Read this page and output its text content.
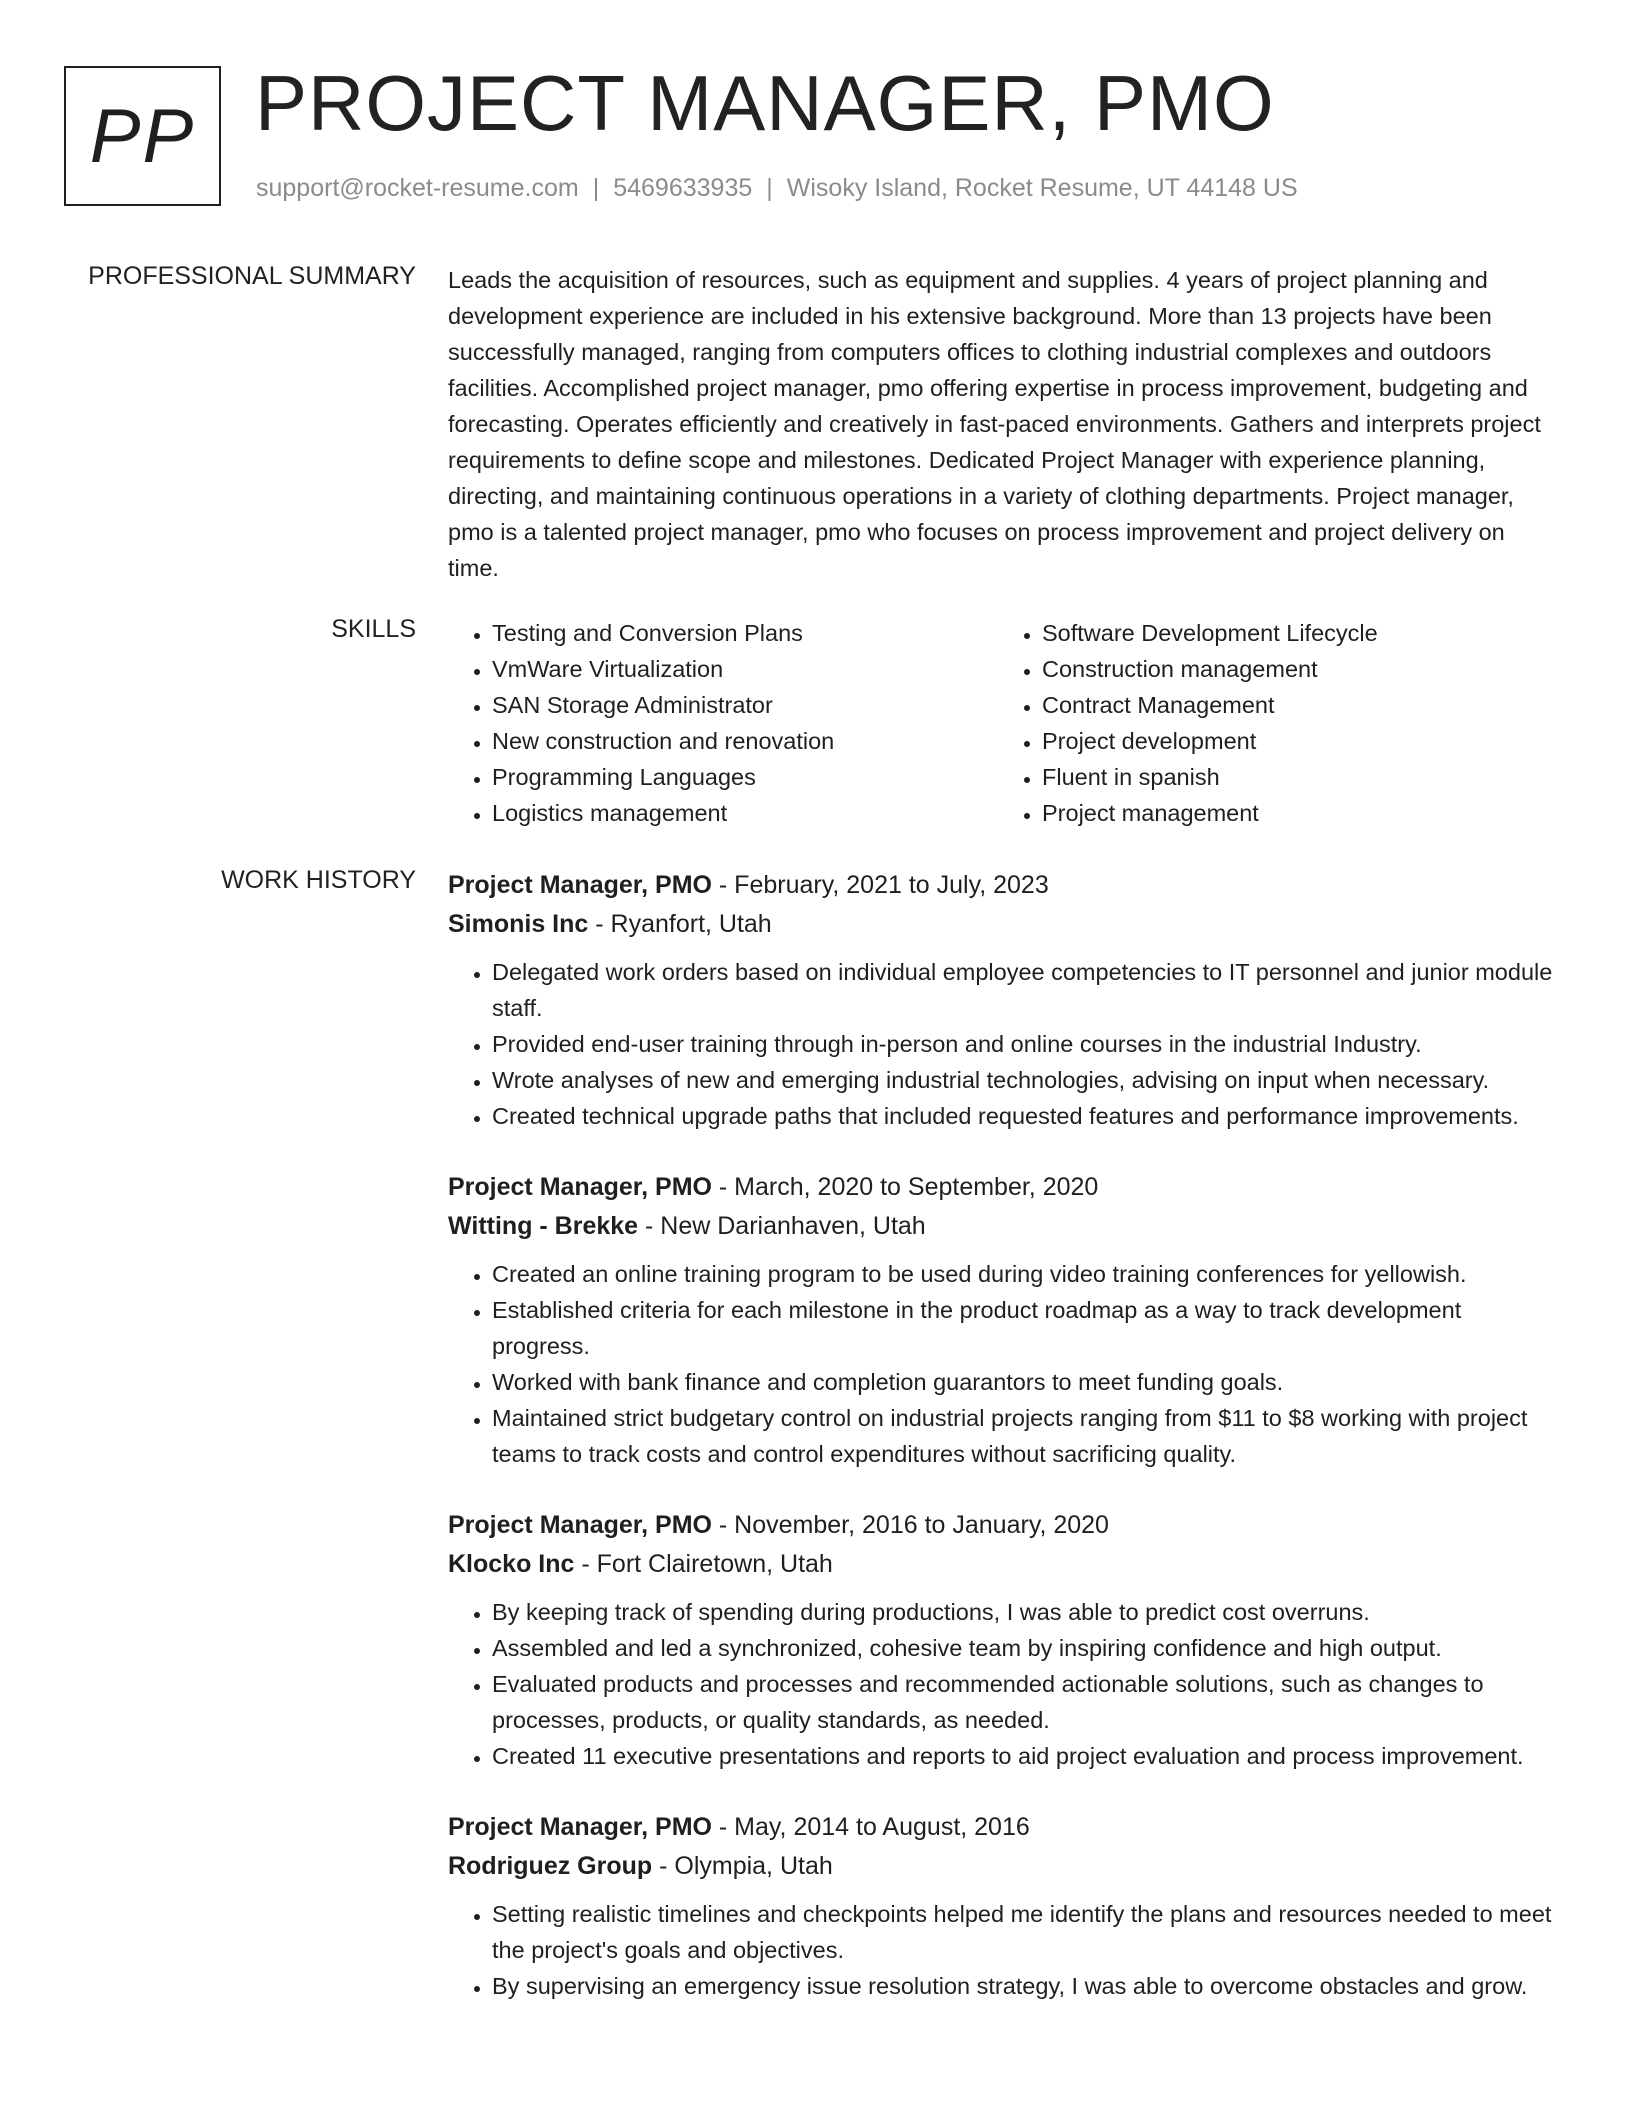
PP PROJECT MANAGER, PMO
support@rocket-resume.com | 5469633935 | Wisoky Island, Rocket Resume, UT 44148 US
PROFESSIONAL SUMMARY Leads the acquisition of resources, such as equipment and supplies. 4 years of project planning and development experience are included in his extensive background. More than 13 projects have been successfully managed, ranging from computers offices to clothing industrial complexes and outdoors facilities. Accomplished project manager, pmo offering expertise in process improvement, budgeting and forecasting. Operates efficiently and creatively in fast-paced environments. Gathers and interprets project requirements to define scope and milestones. Dedicated Project Manager with experience planning, directing, and maintaining continuous operations in a variety of clothing departments. Project manager, pmo is a talented project manager, pmo who focuses on process improvement and project delivery on time.

SKILLS
•	Testing and Conversion Plans
• VmWare Virtualization
• SAN Storage Administrator
• New construction and renovation
• Programming Languages
• Logistics management
• Software Development Lifecycle
• Construction management
• Contract Management
• Project development
• Fluent in spanish
• Project management
WORK HISTORY Project Manager, PMO - February, 2021 to July, 2023
Simonis Inc - Ryanfort, Utah
• Delegated work orders based on individual employee competencies to IT personnel and junior module staff.
• Provided end-user training through in-person and online courses in the industrial Industry.
• Wrote analyses of new and emerging industrial technologies, advising on input when necessary.
• Created technical upgrade paths that included requested features and performance improvements.
Project Manager, PMO - March, 2020 to September, 2020
Witting - Brekke - New Darianhaven, Utah
• Created an online training program to be used during video training conferences for yellowish.
• Established criteria for each milestone in the product roadmap as a way to track development progress.
• Worked with bank finance and completion guarantors to meet funding goals.
• Maintained strict budgetary control on industrial projects ranging from $11 to $8 working with project teams to track costs and control expenditures without sacrificing quality.
Project Manager, PMO - November, 2016 to January, 2020
Klocko Inc - Fort Clairetown, Utah
• By keeping track of spending during productions, I was able to predict cost overruns.
• Assembled and led a synchronized, cohesive team by inspiring confidence and high output.
• Evaluated products and processes and recommended actionable solutions, such as changes to processes, products, or quality standards, as needed.
• Created 11 executive presentations and reports to aid project evaluation and process improvement.
Project Manager, PMO - May, 2014 to August, 2016
Rodriguez Group - Olympia, Utah
• Setting realistic timelines and checkpoints helped me identify the plans and resources needed to meet the project's goals and objectives.
• By supervising an emergency issue resolution strategy, I was able to overcome obstacles and grow.
